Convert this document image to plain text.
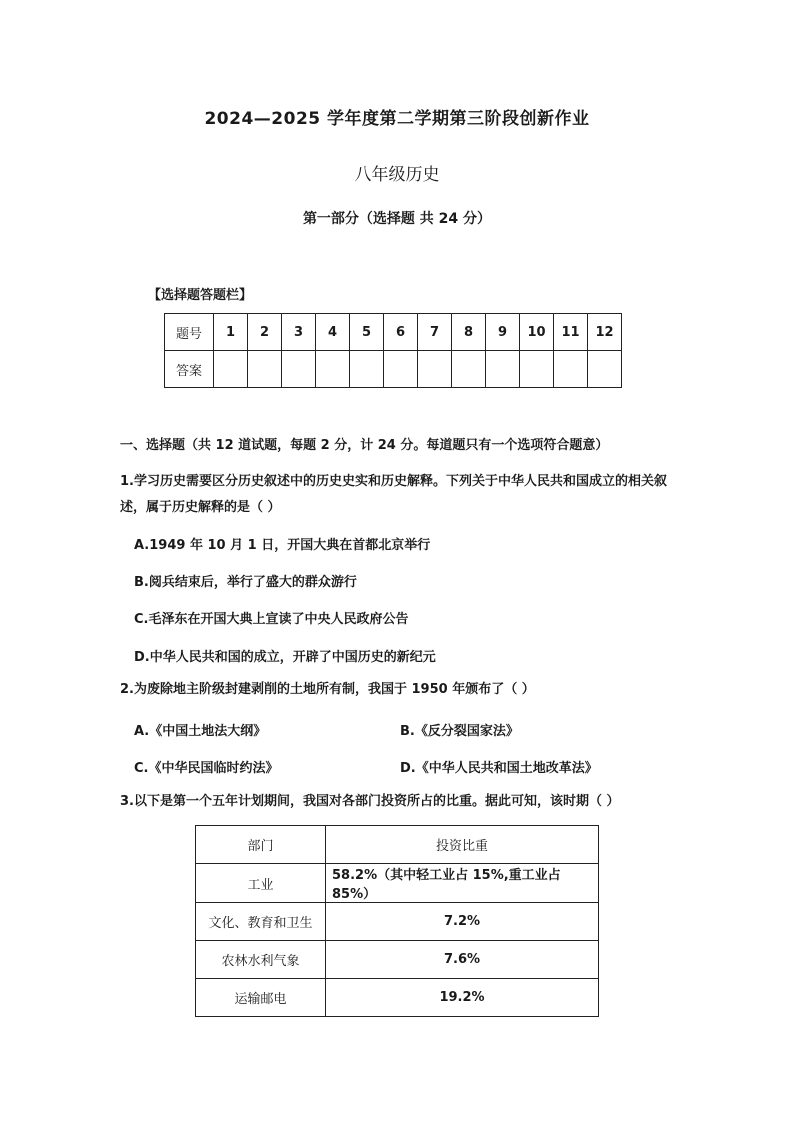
2024—2025 学年度第二学期第三阶段创新作业
八年级历史
第一部分（选择题 共 24 分）
【选择题答题栏】
题号	1	2	3	4	5	6	7	8	9	10	11	12
答案												
一、选择题（共 12 道试题，每题 2 分，计 24 分。每道题只有一个选项符合题意）
1.学习历史需要区分历史叙述中的历史史实和历史解释。下列关于中华人民共和国成立的相关叙述，属于历史解释的是（ ）
A.1949 年 10 月 1 日，开国大典在首都北京举行
B.阅兵结束后，举行了盛大的群众游行
C.毛泽东在开国大典上宣读了中央人民政府公告
D.中华人民共和国的成立，开辟了中国历史的新纪元
2.为废除地主阶级封建剥削的土地所有制，我国于 1950 年颁布了（ ）
A.《中国土地法大纲》	B.《反分裂国家法》
C.《中华民国临时约法》	D.《中华人民共和国土地改革法》
3.以下是第一个五年计划期间，我国对各部门投资所占的比重。据此可知，该时期（ ）
部门	投资比重
工业	58.2%（其中轻工业占 15%,重工业占 85%）
文化、教育和卫生	7.2%
农林水利气象	7.6%
运输邮电	19.2%
